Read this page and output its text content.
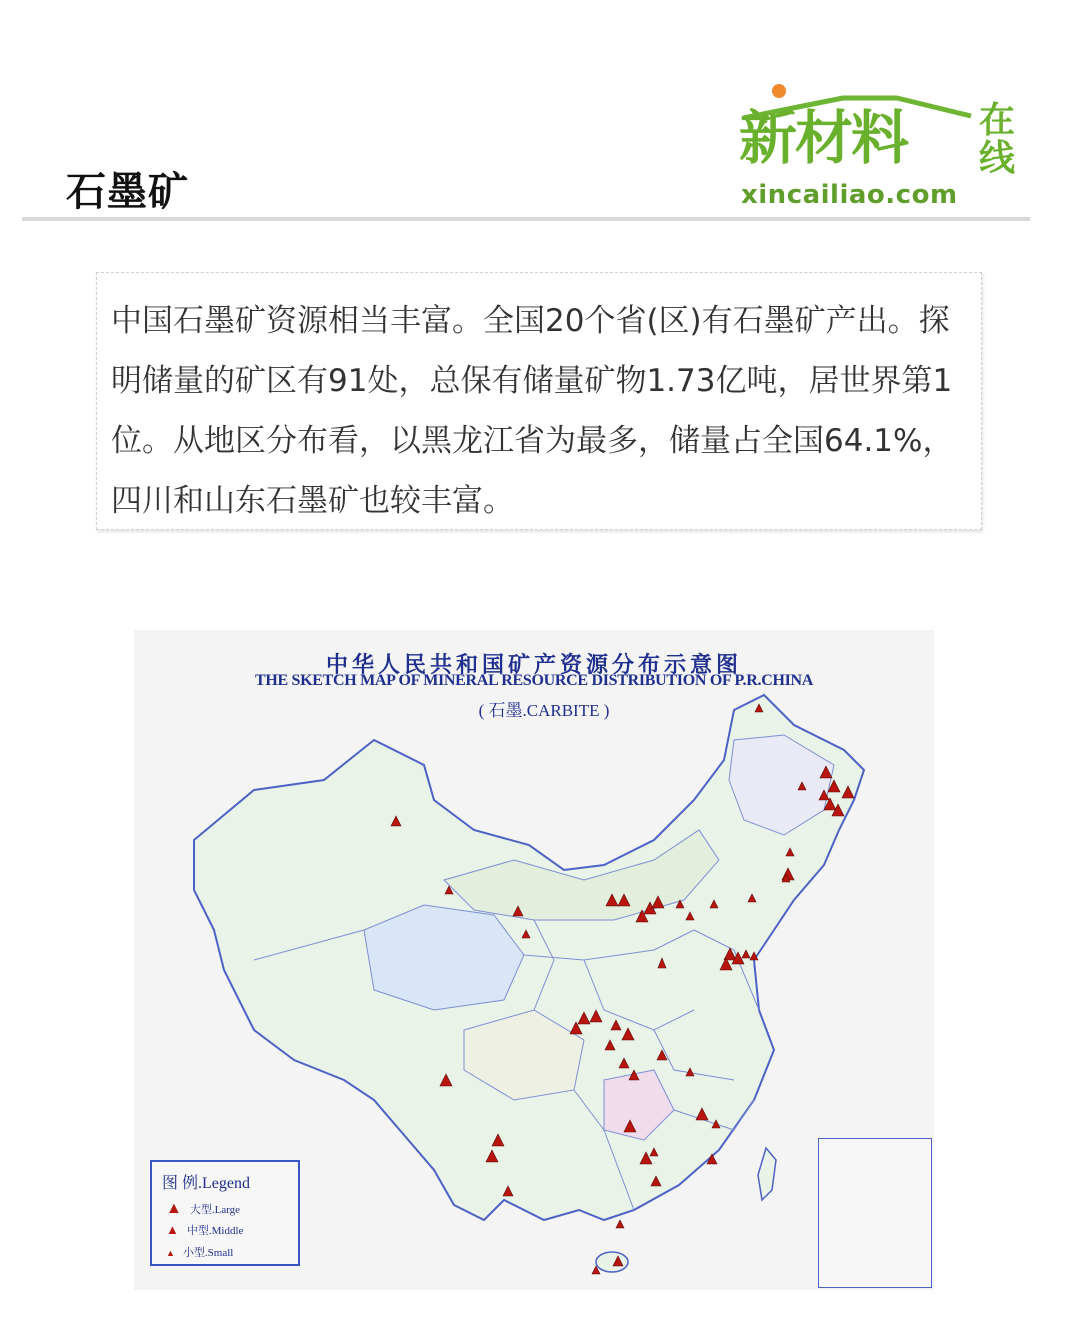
石墨矿
新材料 在线
xincailiao.com

中国石墨矿资源相当丰富。全国20个省(区)有石墨矿产出。探明储量的矿区有91处，总保有储量矿物1.73亿吨，居世界第1位。从地区分布看，以黑龙江省为最多，储量占全国64.1%，四川和山东石墨矿也较丰富。

中华人民共和国矿产资源分布示意图
THE SKETCH MAP OF MINERAL RESOURCE DISTRIBUTION OF P.R.CHINA
( 石墨.CARBITE )
图 例.Legend
▲ 大型.Large
▲ 中型.Middle
▲ 小型.Small
